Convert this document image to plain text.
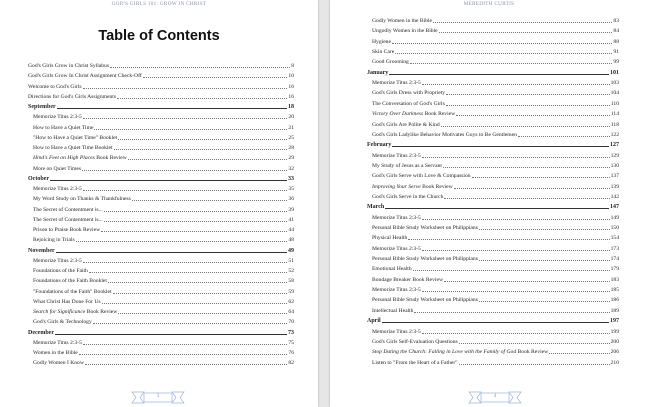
GOD'S GIRLS 101: GROW IN CHRIST
Table of Contents
God's Girls Grow in Christ Syllabus	8
God's Girls Grow In Christ Assignment Check-Off	10
Welcome to God's Girls	16
Directions for God's Girls Assignments	16
September	18
Memorize Titus 2:3-5	20
How to Have a Quiet Time	21
"How to Have a Quiet Time" Booklet	25
How to Have a Quiet Time Booklet	28
Hind's Feet on High Places Book Review	29
More on Quiet Times	32
October	33
Memorize Titus 2:3-5	35
My Word Study on Thanks & Thankfulness	36
The Secret of Contentment is...	39
The Secret of Contentment is...	41
Prison to Praise Book Review	44
Rejoicing in Trials	48
November	49
Memorize Titus 2:3-5	51
Foundations of the Faith	52
Foundations of the Faith Booklet	58
"Foundations of the Faith" Booklet	59
What Christ Has Done For Us	62
Search for Significance Book Review	64
God's Girls & Technology	70
December	73
Memorize Titus 2:3-5	75
Women in the Bible	76
Godly Women I Know	82
3
MEREDITH CURTIS
Godly Women in the Bible	83
Ungodly Women in the Bible	84
Hygiene	88
Skin Care	91
Good Grooming	99
January	101
Memorize Titus 2:3-5	103
God's Girls Dress with Propriety	104
The Conversation of God's Girls	110
Victory Over Darkness Book Review	114
God's Girls Are Polite & Kind	118
God's Girls Ladylike Behavior Motivates Guys to Be Gentlemen	122
February	127
Memorize Titus 2:3-5	129
My Study of Jesus as a Servant	130
God's Girls Serve with Love & Compassion	137
Improving Your Serve Book Review	139
God's Girls Serve in the Church	142
March	147
Memorize Titus 2:3-5	149
Personal Bible Study Worksheet on Philippians	150
Physical Health	154
Memorize Titus 2:3-5	173
Personal Bible Study Worksheet on Philippians	174
Emotional Health	179
Bondage Breaker Book Review	183
Memorize Titus 2:3-5	185
Personal Bible Study Worksheet on Philippians	186
Intellectual Health	189
April	197
Memorize Titus 2:3-5	199
God's Girls Self-Evaluation Questions	200
Stop Dating the Church: Falling in Love with the Family of God Book Review	206
Listen to "From the Heart of a Father"	210
4
